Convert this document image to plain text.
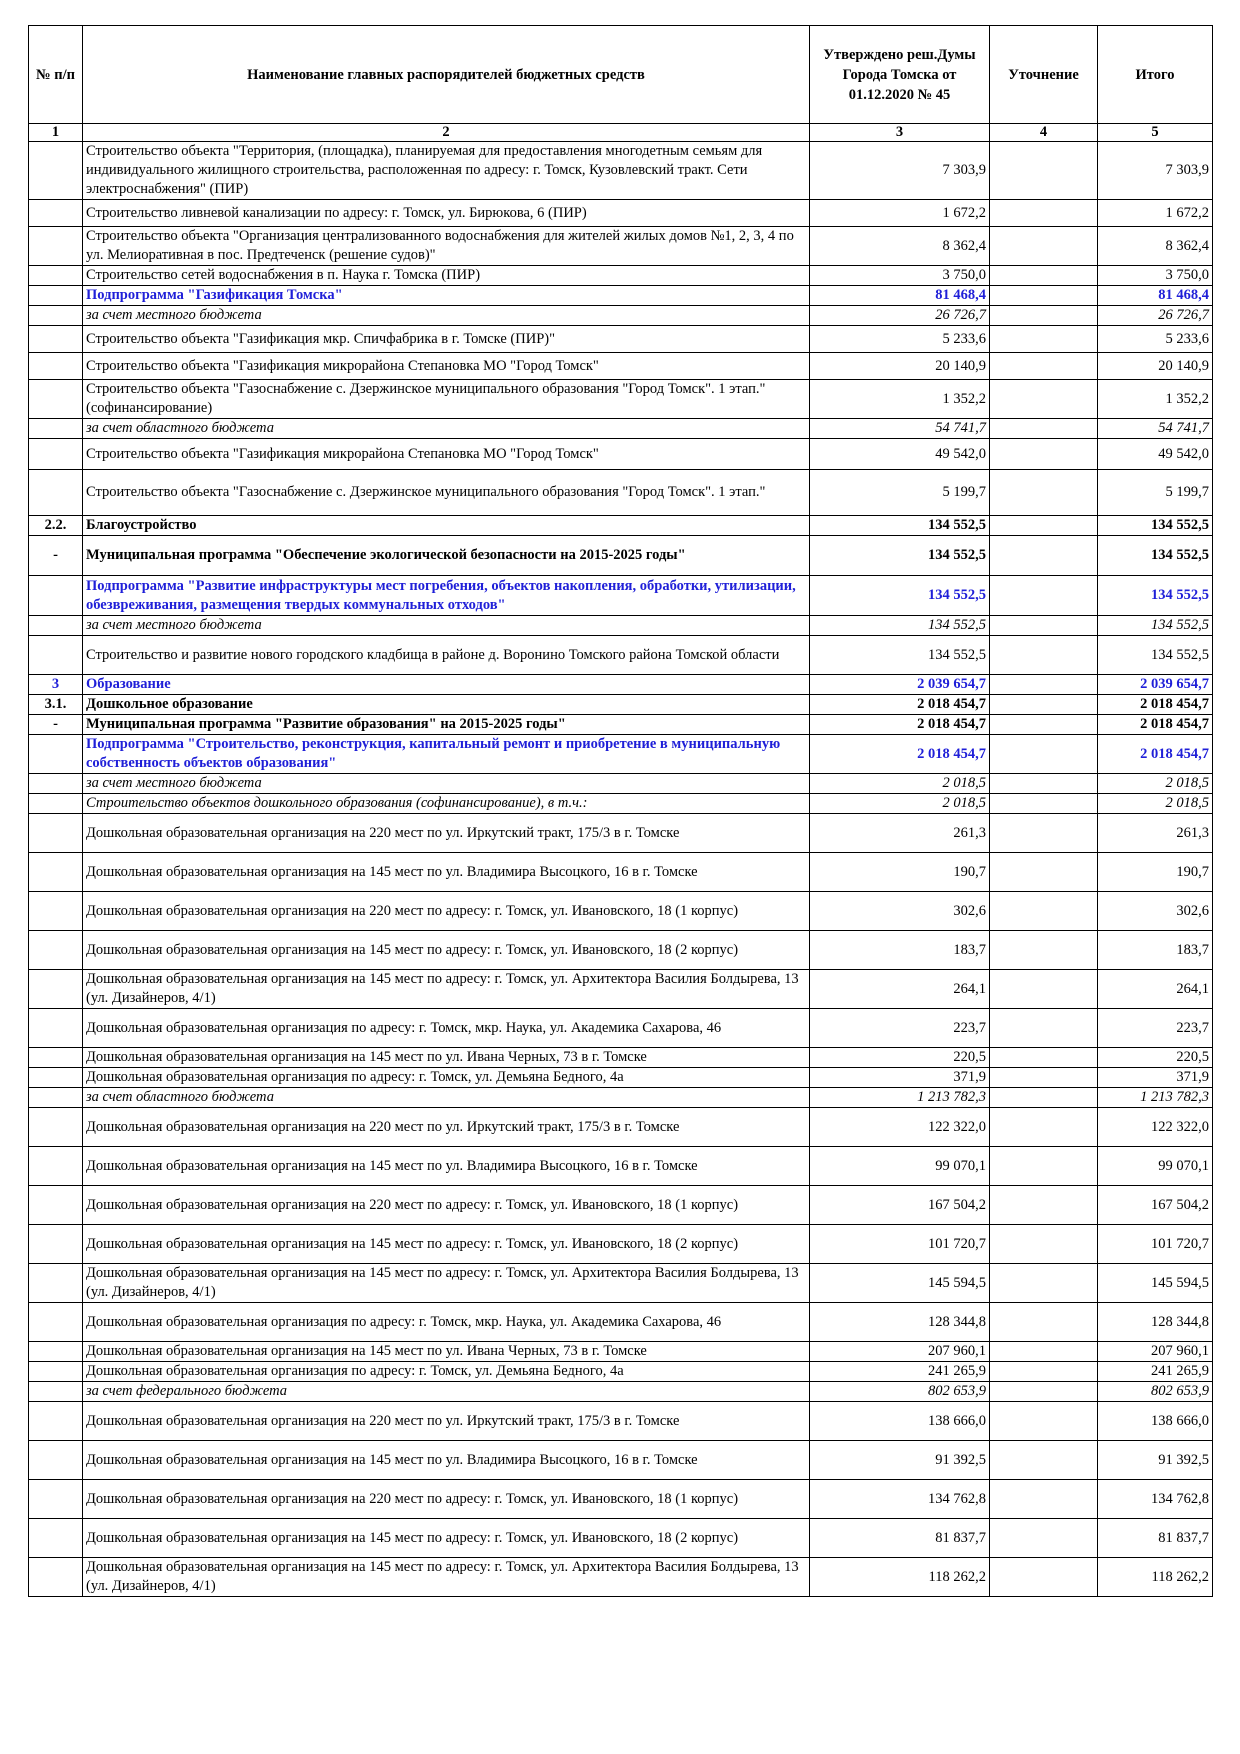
№ п/п	Наименование главных распорядителей бюджетных средств	Утверждено реш.Думы Города Томска от 01.12.2020 № 45	Уточнение	Итого
1	2	3	4	5
	Строительство объекта "Территория, (площадка), планируемая для предоставления многодетным семьям для индивидуального жилищного строительства, расположенная по адресу: г. Томск, Кузовлевский тракт. Сети электроснабжения" (ПИР)	7 303,9		7 303,9
	Строительство ливневой канализации по адресу: г. Томск, ул. Бирюкова, 6 (ПИР)	1 672,2		1 672,2
	Строительство объекта "Организация централизованного водоснабжения для жителей жилых домов №1, 2, 3, 4 по ул. Мелиоративная в пос. Предтеченск (решение судов)"	8 362,4		8 362,4
	Строительство сетей водоснабжения в п. Наука г. Томска (ПИР)	3 750,0		3 750,0
	Подпрограмма "Газификация Томска"	81 468,4		81 468,4
	за счет местного бюджета	26 726,7		26 726,7
	Строительство объекта "Газификация мкр. Спичфабрика в г. Томске (ПИР)"	5 233,6		5 233,6
	Строительство объекта "Газификация микрорайона Степановка МО "Город Томск"	20 140,9		20 140,9
	Строительство объекта "Газоснабжение с. Дзержинское муниципального образования "Город Томск". 1 этап." (софинансирование)	1 352,2		1 352,2
	за счет областного бюджета	54 741,7		54 741,7
	Строительство объекта "Газификация микрорайона Степановка МО "Город Томск"	49 542,0		49 542,0
	Строительство объекта "Газоснабжение с. Дзержинское муниципального образования "Город Томск". 1 этап."	5 199,7		5 199,7
2.2.	Благоустройство	134 552,5		134 552,5
-	Муниципальная программа "Обеспечение экологической безопасности на 2015-2025 годы"	134 552,5		134 552,5
	Подпрограмма "Развитие инфраструктуры мест погребения, объектов накопления, обработки, утилизации, обезвреживания, размещения твердых коммунальных отходов"	134 552,5		134 552,5
	за счет местного бюджета	134 552,5		134 552,5
	Строительство и развитие нового городского кладбища в районе д. Воронино Томского района Томской области	134 552,5		134 552,5
3	Образование	2 039 654,7		2 039 654,7
3.1.	Дошкольное образование	2 018 454,7		2 018 454,7
-	Муниципальная программа "Развитие образования" на 2015-2025 годы"	2 018 454,7		2 018 454,7
	Подпрограмма "Строительство, реконструкция, капитальный ремонт и приобретение в муниципальную собственность объектов образования"	2 018 454,7		2 018 454,7
	за счет местного бюджета	2 018,5		2 018,5
	Строительство объектов дошкольного образования (софинансирование), в т.ч.:	2 018,5		2 018,5
	Дошкольная образовательная организация на 220 мест по ул. Иркутский тракт, 175/3 в г. Томске	261,3		261,3
	Дошкольная образовательная организация на 145 мест по ул. Владимира Высоцкого, 16 в г. Томске	190,7		190,7
	Дошкольная образовательная организация на 220 мест по адресу: г. Томск, ул. Ивановского, 18 (1 корпус)	302,6		302,6
	Дошкольная образовательная организация на 145 мест по адресу: г. Томск, ул. Ивановского, 18 (2 корпус)	183,7		183,7
	Дошкольная образовательная организация на 145 мест по адресу: г. Томск, ул. Архитектора Василия Болдырева, 13 (ул. Дизайнеров, 4/1)	264,1		264,1
	Дошкольная образовательная организация по адресу: г. Томск, мкр. Наука, ул. Академика Сахарова, 46	223,7		223,7
	Дошкольная образовательная организация на 145 мест по ул. Ивана Черных, 73 в г. Томске	220,5		220,5
	Дошкольная образовательная организация по адресу: г. Томск, ул. Демьяна Бедного, 4а	371,9		371,9
	за счет областного бюджета	1 213 782,3		1 213 782,3
	Дошкольная образовательная организация на 220 мест по ул. Иркутский тракт, 175/3 в г. Томске	122 322,0		122 322,0
	Дошкольная образовательная организация на 145 мест по ул. Владимира Высоцкого, 16 в г. Томске	99 070,1		99 070,1
	Дошкольная образовательная организация на 220 мест по адресу: г. Томск, ул. Ивановского, 18 (1 корпус)	167 504,2		167 504,2
	Дошкольная образовательная организация на 145 мест по адресу: г. Томск, ул. Ивановского, 18 (2 корпус)	101 720,7		101 720,7
	Дошкольная образовательная организация на 145 мест по адресу: г. Томск, ул. Архитектора Василия Болдырева, 13 (ул. Дизайнеров, 4/1)	145 594,5		145 594,5
	Дошкольная образовательная организация по адресу: г. Томск, мкр. Наука, ул. Академика Сахарова, 46	128 344,8		128 344,8
	Дошкольная образовательная организация на 145 мест по ул. Ивана Черных, 73 в г. Томске	207 960,1		207 960,1
	Дошкольная образовательная организация по адресу: г. Томск, ул. Демьяна Бедного, 4а	241 265,9		241 265,9
	за счет федерального бюджета	802 653,9		802 653,9
	Дошкольная образовательная организация на 220 мест по ул. Иркутский тракт, 175/3 в г. Томске	138 666,0		138 666,0
	Дошкольная образовательная организация на 145 мест по ул. Владимира Высоцкого, 16 в г. Томске	91 392,5		91 392,5
	Дошкольная образовательная организация на 220 мест по адресу: г. Томск, ул. Ивановского, 18 (1 корпус)	134 762,8		134 762,8
	Дошкольная образовательная организация на 145 мест по адресу: г. Томск, ул. Ивановского, 18 (2 корпус)	81 837,7		81 837,7
	Дошкольная образовательная организация на 145 мест по адресу: г. Томск, ул. Архитектора Василия Болдырева, 13 (ул. Дизайнеров, 4/1)	118 262,2		118 262,2
